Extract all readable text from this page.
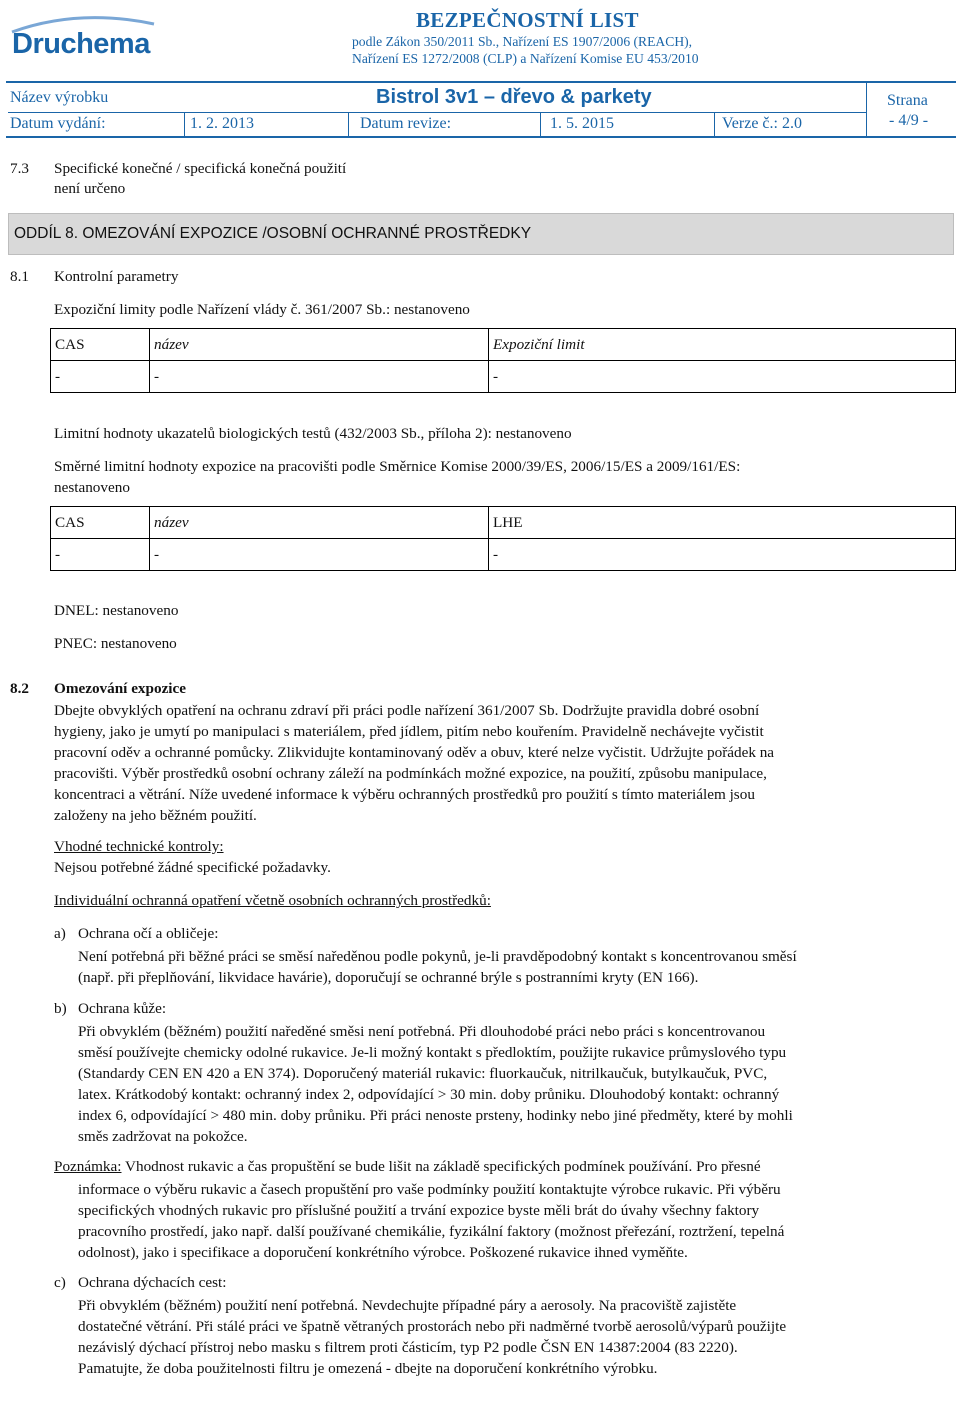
Druchema
BEZPEČNOSTNÍ LIST
podle Zákon 350/2011 Sb., Nařízení ES 1907/2006 (REACH),
Nařízení ES 1272/2008 (CLP) a Nařízení Komise EU 453/2010
Název výrobku	Bistrol 3v1 – dřevo & parkety	Strana
- 4/9 -
Datum vydání:	1. 2. 2013	Datum revize:	1. 5. 2015	Verze č.: 2.0
7.3 Specifické konečné / specifická konečná použití
není určeno
ODDÍL 8. OMEZOVÁNÍ EXPOZICE /OSOBNÍ OCHRANNÉ PROSTŘEDKY
8.1 Kontrolní parametry
Expoziční limity podle Nařízení vlády č. 361/2007 Sb.: nestanoveno
CAS	název	Expoziční limit
-	-	-
Limitní hodnoty ukazatelů biologických testů (432/2003 Sb., příloha 2): nestanoveno
Směrné limitní hodnoty expozice na pracovišti podle Směrnice Komise 2000/39/ES, 2006/15/ES a 2009/161/ES:
nestanoveno
CAS	název	LHE
-	-	-
DNEL: nestanoveno
PNEC: nestanoveno
8.2 Omezování expozice
Dbejte obvyklých opatření na ochranu zdraví při práci podle nařízení 361/2007 Sb. Dodržujte pravidla dobré osobní
hygieny, jako je umytí po manipulaci s materiálem, před jídlem, pitím nebo kouřením. Pravidelně nechávejte vyčistit
pracovní oděv a ochranné pomůcky. Zlikvidujte kontaminovaný oděv a obuv, které nelze vyčistit. Udržujte pořádek na
pracovišti. Výběr prostředků osobní ochrany záleží na podmínkách možné expozice, na použití, způsobu manipulace,
koncentraci a větrání. Níže uvedené informace k výběru ochranných prostředků pro použití s tímto materiálem jsou
založeny na jeho běžném použití.
Vhodné technické kontroly:
Nejsou potřebné žádné specifické požadavky.
Individuální ochranná opatření včetně osobních ochranných prostředků:
a) Ochrana očí a obličeje:
Není potřebná při běžné práci se směsí naředěnou podle pokynů, je-li pravděpodobný kontakt s koncentrovanou směsí
(např. při přeplňování, likvidace havárie), doporučují se ochranné brýle s postranními kryty (EN 166).
b) Ochrana kůže:
Při obvyklém (běžném) použití naředěné směsi není potřebná. Při dlouhodobé práci nebo práci s koncentrovanou
směsí používejte chemicky odolné rukavice. Je-li možný kontakt s předloktím, použijte rukavice průmyslového typu
(Standardy CEN EN 420 a EN 374). Doporučený materiál rukavic: fluorkaučuk, nitrilkaučuk, butylkaučuk, PVC,
latex. Krátkodobý kontakt: ochranný index 2, odpovídající > 30 min. doby průniku. Dlouhodobý kontakt: ochranný
index 6, odpovídající > 480 min. doby průniku. Při práci nenoste prsteny, hodinky nebo jiné předměty, které by mohli
směs zadržovat na pokožce.
Poznámka: Vhodnost rukavic a čas propuštění se bude lišit na základě specifických podmínek používání. Pro přesné
informace o výběru rukavic a časech propuštění pro vaše podmínky použití kontaktujte výrobce rukavic. Při výběru
specifických vhodných rukavic pro příslušné použití a trvání expozice byste měli brát do úvahy všechny faktory
pracovního prostředí, jako např. další používané chemikálie, fyzikální faktory (možnost přeřezání, roztržení, tepelná
odolnost), jako i specifikace a doporučení konkrétního výrobce. Poškozené rukavice ihned vyměňte.
c) Ochrana dýchacích cest:
Při obvyklém (běžném) použití není potřebná. Nevdechujte případné páry a aerosoly. Na pracoviště zajistěte
dostatečné větrání. Při stálé práci ve špatně větraných prostorách nebo při nadměrné tvorbě aerosolů/výparů použijte
nezávislý dýchací přístroj nebo masku s filtrem proti částicím, typ P2 podle ČSN EN 14387:2004 (83 2220).
Pamatujte, že doba použitelnosti filtru je omezená - dbejte na doporučení konkrétního výrobku.
